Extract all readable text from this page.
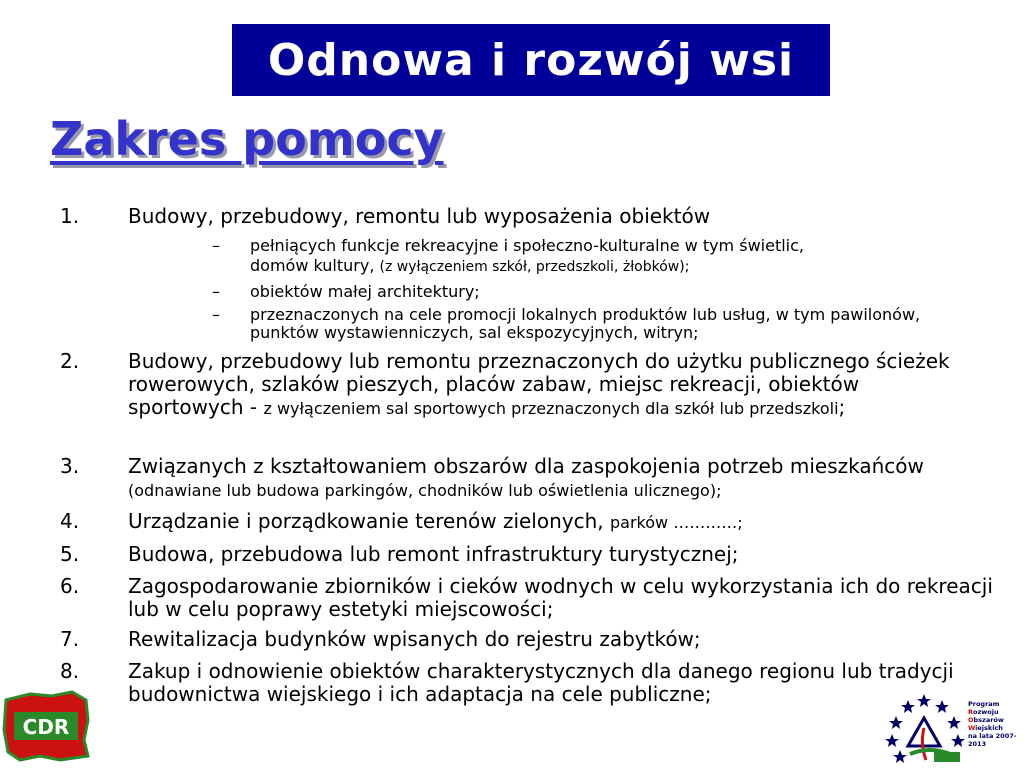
Odnowa i rozwój wsi
Zakres pomocy
1.	Budowy, przebudowy, remontu lub wyposażenia obiektów
–	pełniących funkcje rekreacyjne i społeczno-kulturalne w tym świetlic,
domów kultury, (z wyłączeniem szkół, przedszkoli, żłobków);
–	obiektów małej architektury;
–	przeznaczonych na cele promocji lokalnych produktów lub usług, w tym pawilonów, punktów wystawienniczych, sal ekspozycyjnych, witryn;
2.	Budowy, przebudowy lub remontu przeznaczonych do użytku publicznego ścieżek rowerowych, szlaków pieszych, placów zabaw, miejsc rekreacji, obiektów sportowych - z wyłączeniem sal sportowych przeznaczonych dla szkół lub przedszkoli;
3.	Związanych z kształtowaniem obszarów dla zaspokojenia potrzeb mieszkańców (odnawiane lub budowa parkingów, chodników lub oświetlenia ulicznego);
4.	Urządzanie i porządkowanie terenów zielonych, parków …………;
5.	Budowa, przebudowa lub remont infrastruktury turystycznej;
6.	Zagospodarowanie zbiorników i cieków wodnych w celu wykorzystania ich do rekreacji lub w celu poprawy estetyki miejscowości;
7.	Rewitalizacja budynków wpisanych do rejestru zabytków;
8.	Zakup i odnowienie obiektów charakterystycznych dla danego regionu lub tradycji budownictwa wiejskiego i ich adaptacja na cele publiczne;
CDR
Program
Rozwoju
Obszarów
Wiejskich
na lata 2007-2013
